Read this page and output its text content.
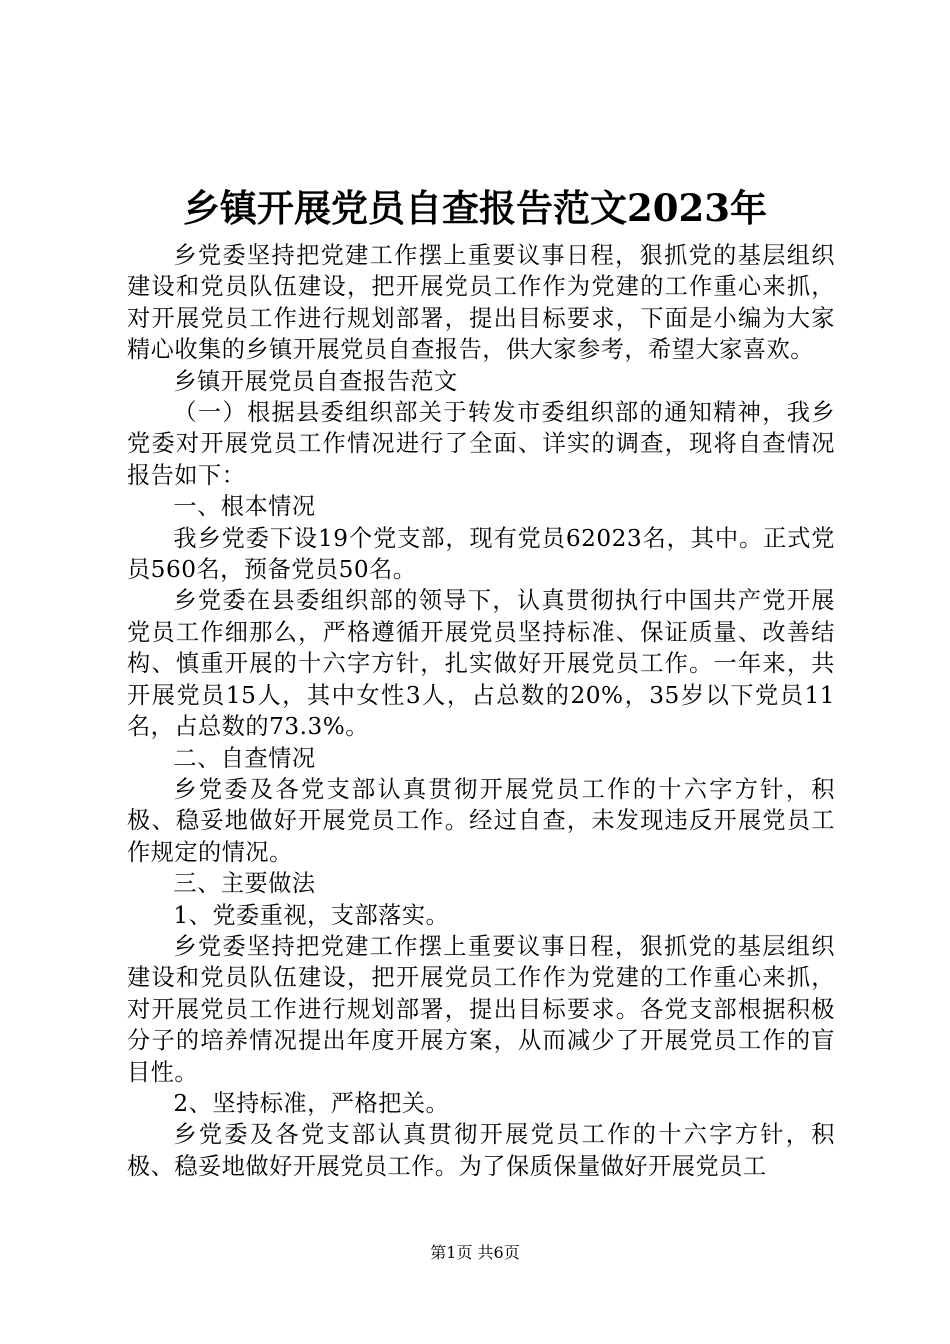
乡镇开展党员自查报告范文2023年

乡党委坚持把党建工作摆上重要议事日程，狠抓党的基层组织建设和党员队伍建设，把开展党员工作作为党建的工作重心来抓，对开展党员工作进行规划部署，提出目标要求，下面是小编为大家精心收集的乡镇开展党员自查报告，供大家参考，希望大家喜欢。

乡镇开展党员自查报告范文

（一）根据县委组织部关于转发市委组织部的通知精神，我乡党委对开展党员工作情况进行了全面、详实的调查，现将自查情况报告如下：

一、根本情况

我乡党委下设19个党支部，现有党员62023名，其中。正式党员560名，预备党员50名。

乡党委在县委组织部的领导下，认真贯彻执行中国共产党开展党员工作细那么，严格遵循开展党员坚持标准、保证质量、改善结构、慎重开展的十六字方针，扎实做好开展党员工作。一年来，共开展党员15人，其中女性3人，占总数的20%，35岁以下党员11名，占总数的73.3%。

二、自查情况

乡党委及各党支部认真贯彻开展党员工作的十六字方针，积极、稳妥地做好开展党员工作。经过自查，未发现违反开展党员工作规定的情况。

三、主要做法

1、党委重视，支部落实。

乡党委坚持把党建工作摆上重要议事日程，狠抓党的基层组织建设和党员队伍建设，把开展党员工作作为党建的工作重心来抓，对开展党员工作进行规划部署，提出目标要求。各党支部根据积极分子的培养情况提出年度开展方案，从而减少了开展党员工作的盲目性。

2、坚持标准，严格把关。

乡党委及各党支部认真贯彻开展党员工作的十六字方针，积极、稳妥地做好开展党员工作。为了保质保量做好开展党员工

第1页 共6页
